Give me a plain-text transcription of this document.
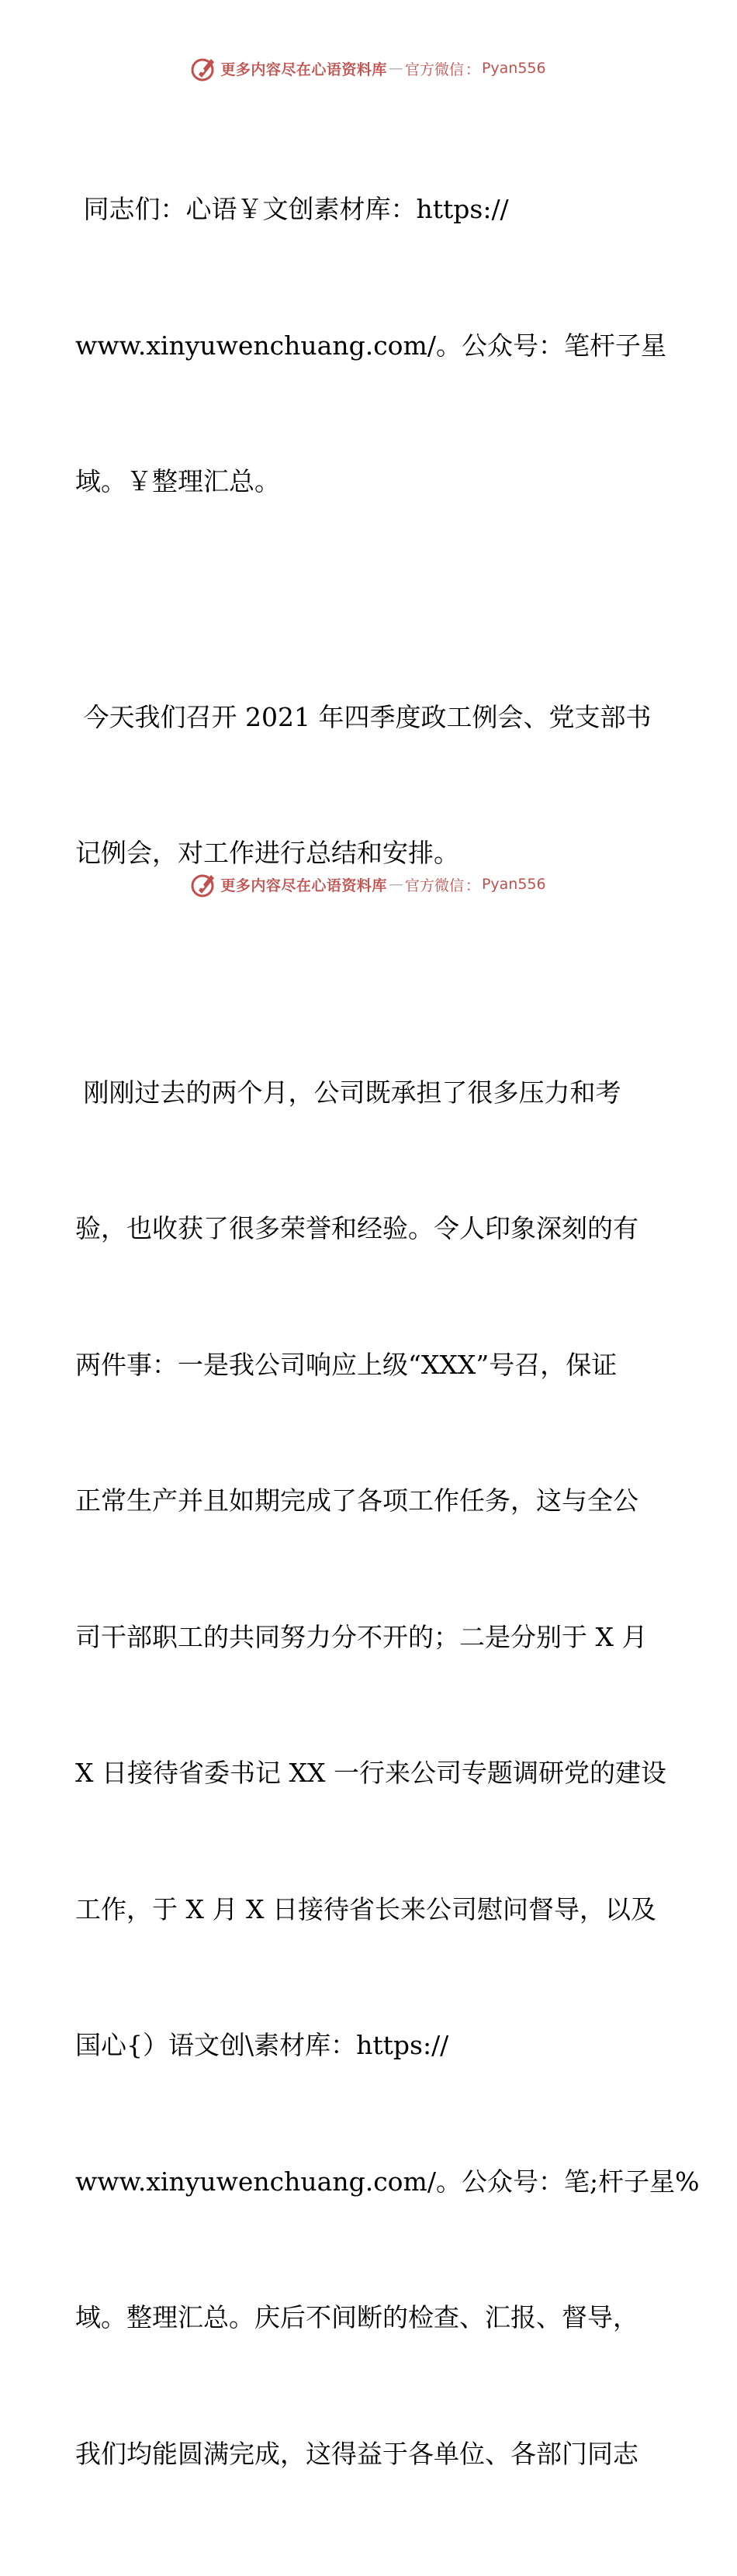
更多内容尽在心语资料库 — 官方微信 ： Pyan556

同志们：心语￥文创素材库：https://

www.xinyuwenchuang.com/。公众号：笔杆子星

域。￥整理汇总。

今天我们召开 2021 年四季度政工例会、党支部书

记例会，对工作进行总结和安排。

刚刚过去的两个月，公司既承担了很多压力和考

验，也收获了很多荣誉和经验。令人印象深刻的有

两件事：一是我公司响应上级“XXX”号召，保证

正常生产并且如期完成了各项工作任务，这与全公

司干部职工的共同努力分不开的；二是分别于 X 月

X 日接待省委书记 XX 一行来公司专题调研党的建设

工作，于 X 月 X 日接待省长来公司慰问督导，以及

国心{）语文创\素材库：https://

www.xinyuwenchuang.com/。公众号：笔;杆子星%

域。整理汇总。庆后不间断的检查、汇报、督导，

我们均能圆满完成，这得益于各单位、各部门同志

更多内容尽在心语资料库 — 官方微信 ： Pyan556
